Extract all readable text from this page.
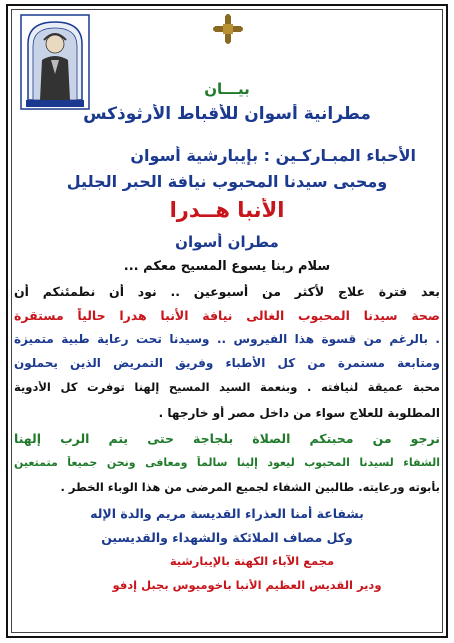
بيـــان
مطرانية أسوان للأقباط الأرثوذكس
الأحباء المبـاركـين : بإيبارشية أسوان
ومحبى سيدنا المحبوب نيافة الحبر الجليل
الأنبا هــدرا
مطران أسوان
سلام ربنا يسوع المسيح معكم ...
بعد فترة علاج لأكثر من أسبوعين .. نود أن نطمئنكم أن
صحة سيدنا المحبوب الغالى نيافة الأنبا هدرا حالياً مستقرة
. بالرغم من قسوة هذا الفيروس .. وسيدنا تحت رعاية طبية متميزة
ومتابعة مستمرة من كل الأطباء وفريق التمريض الذين يحملون
محبة عميقة لنيافته . وبنعمة السيد المسيح إلهنا توفرت كل الأدوية
المطلوبة للعلاج سواء من داخل مصر أو خارجها .
نرجو من محبتكم الصلاة بلجاجة حتى يتم الرب إلهنا
الشفاء لسيدنا المحبوب ليعود إلينا سالماً ومعافى ونحن جميعاً متمتعين
بأبوته ورعايته. طالبين الشفاء لجميع المرضى من هذا الوباء الخطر .
بشفاعة أمنا العذراء القديسة مريم والدة الإله
وكل مصاف الملائكة والشهداء والقديسين
مجمع الآباء الكهنة بالإيبارشية
ودير القديس العظيم الأنبا باخوميوس بجبل إدفو
